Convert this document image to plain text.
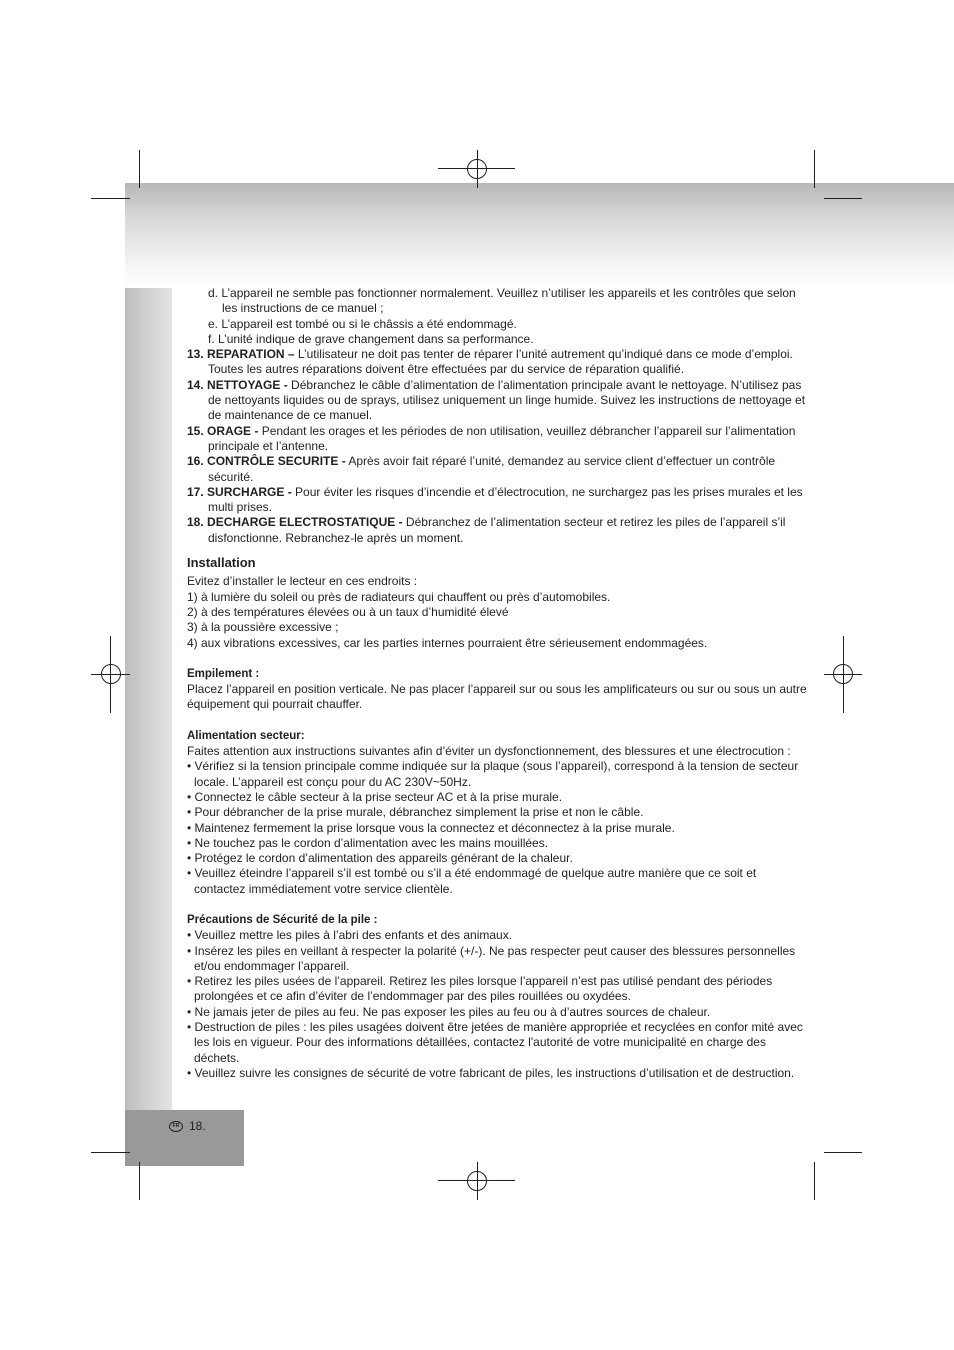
d. L’appareil ne semble pas fonctionner normalement. Veuillez n’utiliser les appareils et les contrôles que selon les instructions de ce manuel ;

e. L’appareil est tombé ou si le châssis a été endommagé.

f. L’unité indique de grave changement dans sa performance.

13. REPARATION – L’utilisateur ne doit pas tenter de réparer l’unité autrement qu’indiqué dans ce mode d’emploi. Toutes les autres réparations doivent être effectuées par du service de réparation qualifié.

14. NETTOYAGE - Débranchez le câble d’alimentation de l’alimentation principale avant le nettoyage. N’utilisez pas de nettoyants liquides ou de sprays, utilisez uniquement un linge humide. Suivez les instructions de nettoyage et de maintenance de ce manuel.

15. ORAGE - Pendant les orages et les périodes de non utilisation, veuillez débrancher l’appareil sur l’alimentation principale et l’antenne.

16. CONTRÔLE SECURITE - Après avoir fait réparé l’unité, demandez au service client d’effectuer un contrôle sécurité.

17. SURCHARGE - Pour éviter les risques d’incendie et d’électrocution, ne surchargez pas les prises murales et les multi prises.

18. DECHARGE ELECTROSTATIQUE - Débranchez de l’alimentation secteur et retirez les piles de l’appareil s’il disfonctionne. Rebranchez-le après un moment.

Installation

Evitez d’installer le lecteur en ces endroits :

1) à lumière du soleil ou près de radiateurs qui chauffent ou près d’automobiles.

2) à des températures élevées ou à un taux d’humidité élevé

3) à la poussière excessive ;

4) aux vibrations excessives, car les parties internes pourraient être sérieusement endommagées.

Empilement :

Placez l’appareil en position verticale. Ne pas placer l’appareil sur ou sous les amplificateurs ou sur ou sous un autre équipement qui pourrait chauffer.

Alimentation secteur:

Faites attention aux instructions suivantes afin d’éviter un dysfonctionnement, des blessures et une électrocution :

• Vérifiez si la tension principale comme indiquée sur la plaque (sous l’appareil), correspond à la tension de secteur locale. L’appareil est conçu pour du AC 230V~50Hz.

• Connectez le câble secteur à la prise secteur AC et à la prise murale.

• Pour débrancher de la prise murale, débranchez simplement la prise et non le câble.

• Maintenez fermement la prise lorsque vous la connectez et déconnectez à la prise murale.

• Ne touchez pas le cordon d’alimentation avec les mains mouillées.

• Protégez le cordon d’alimentation des appareils générant de la chaleur.

• Veuillez éteindre l’appareil s’il est tombé ou s’il a été endommagé de quelque autre manière que ce soit et contactez immédiatement votre service clientèle.

Précautions de Sécurité de la pile :

• Veuillez mettre les piles à l’abri des enfants et des animaux.

• Insérez les piles en veillant à respecter la polarité (+/-). Ne pas respecter peut causer des blessures personnelles et/ou endommager l’appareil.

• Retirez les piles usées de l’appareil. Retirez les piles lorsque l’appareil n’est pas utilisé pendant des périodes prolongées et ce afin d’éviter de l’endommager par des piles rouillées ou oxydées.

• Ne jamais jeter de piles au feu. Ne pas exposer les piles au feu ou à d’autres sources de chaleur.

• Destruction de piles : les piles usagées doivent être jetées de manière appropriée et recyclées en confor mité avec les lois en vigueur. Pour des informations détaillées, contactez l'autorité de votre municipalité en charge des déchets.

• Veuillez suivre les consignes de sécurité de votre fabricant de piles, les instructions d’utilisation et de destruction.

FR 18.
